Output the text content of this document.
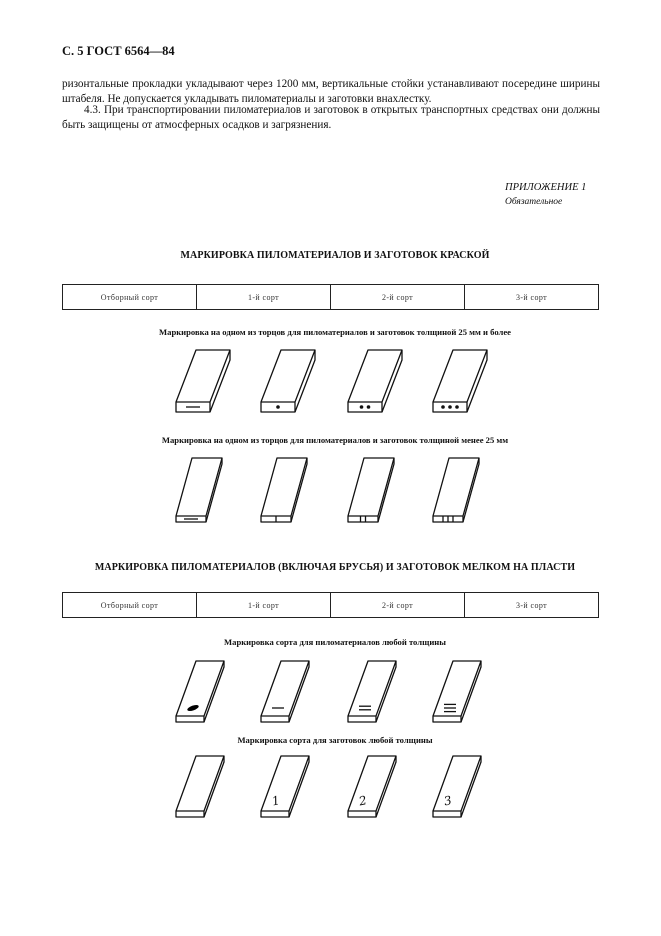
С. 5 ГОСТ 6564—84
ризонтальные прокладки укладывают через 1200 мм, вертикальные стойки устанавливают посередине ширины штабеля. Не допускается укладывать пиломатериалы и заготовки внахлестку.
4.3. При транспортировании пиломатериалов и заготовок в открытых транспортных средствах они должны быть защищены от атмосферных осадков и загрязнения.
ПРИЛОЖЕНИЕ 1
Обязательное
МАРКИРОВКА ПИЛОМАТЕРИАЛОВ И ЗАГОТОВОК КРАСКОЙ
Отборный сорт	1-й сорт	2-й сорт	3-й сорт
Маркировка на одном из торцов для пиломатериалов и заготовок толщиной 25 мм и более
Маркировка на одном из торцов для пиломатериалов и заготовок толщиной менее 25 мм
МАРКИРОВКА ПИЛОМАТЕРИАЛОВ (ВКЛЮЧАЯ БРУСЬЯ) И ЗАГОТОВОК МЕЛКОМ НА ПЛАСТИ
Отборный сорт	1-й сорт	2-й сорт	3-й сорт
Маркировка сорта для пиломатериалов любой толщины
Маркировка сорта для заготовок любой толщины
1	2	3
